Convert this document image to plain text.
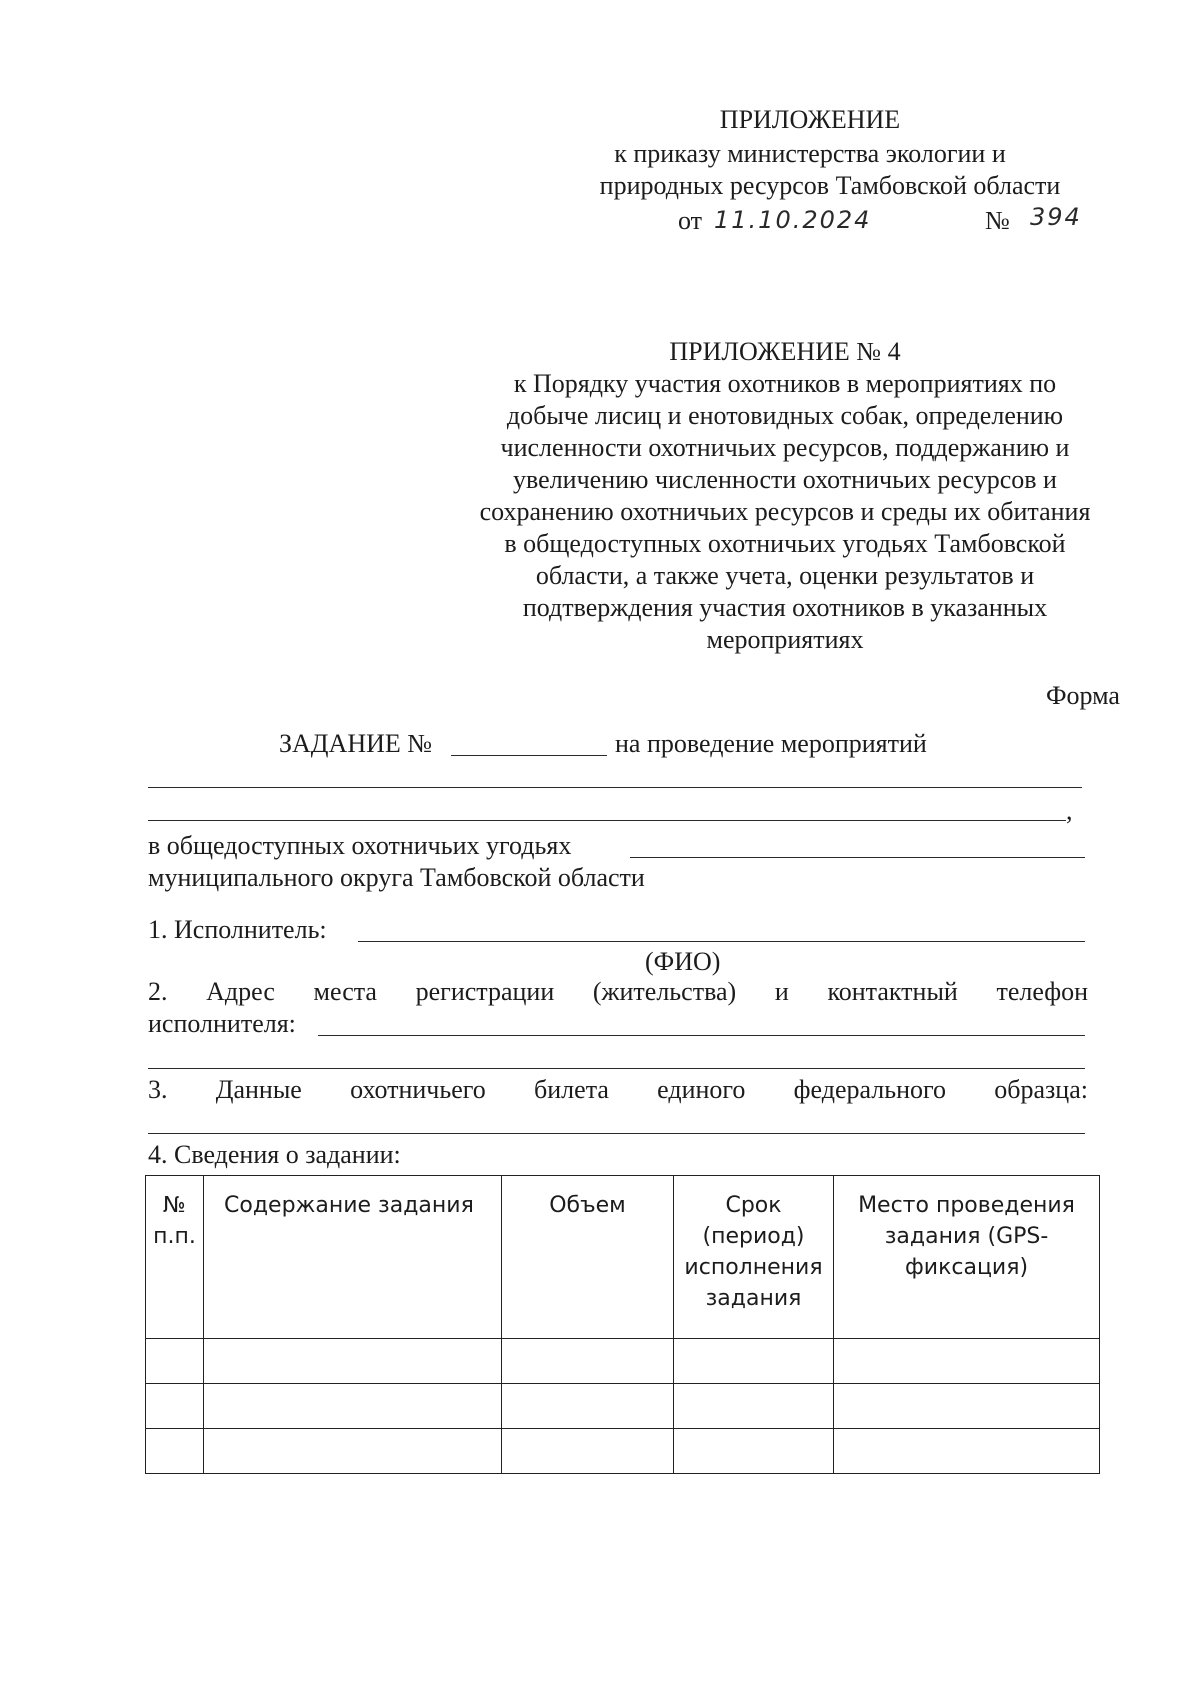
ПРИЛОЖЕНИЕ
к приказу министерства экологии и
природных ресурсов Тамбовской области
от 11.10.2024	№ 394
ПРИЛОЖЕНИЕ № 4
к Порядку участия охотников в мероприятиях по
добыче лисиц и енотовидных собак, определению
численности охотничьих ресурсов, поддержанию и
увеличению численности охотничьих ресурсов и
сохранению охотничьих ресурсов и среды их обитания
в общедоступных охотничьих угодьях Тамбовской
области, а также учета, оценки результатов и
подтверждения участия охотников в указанных
мероприятиях
Форма
ЗАДАНИЕ №	на проведение мероприятий
,
в общедоступных охотничьих угодьях
муниципального округа Тамбовской области
1. Исполнитель:
(ФИО)
2. Адрес места регистрации (жительства) и контактный телефон
исполнителя:
3. Данные охотничьего билета единого федерального образца:
4. Сведения о задании:
№ п.п.	Содержание задания	Объем	Срок (период) исполнения задания	Место проведения задания (GPS-фиксация)
